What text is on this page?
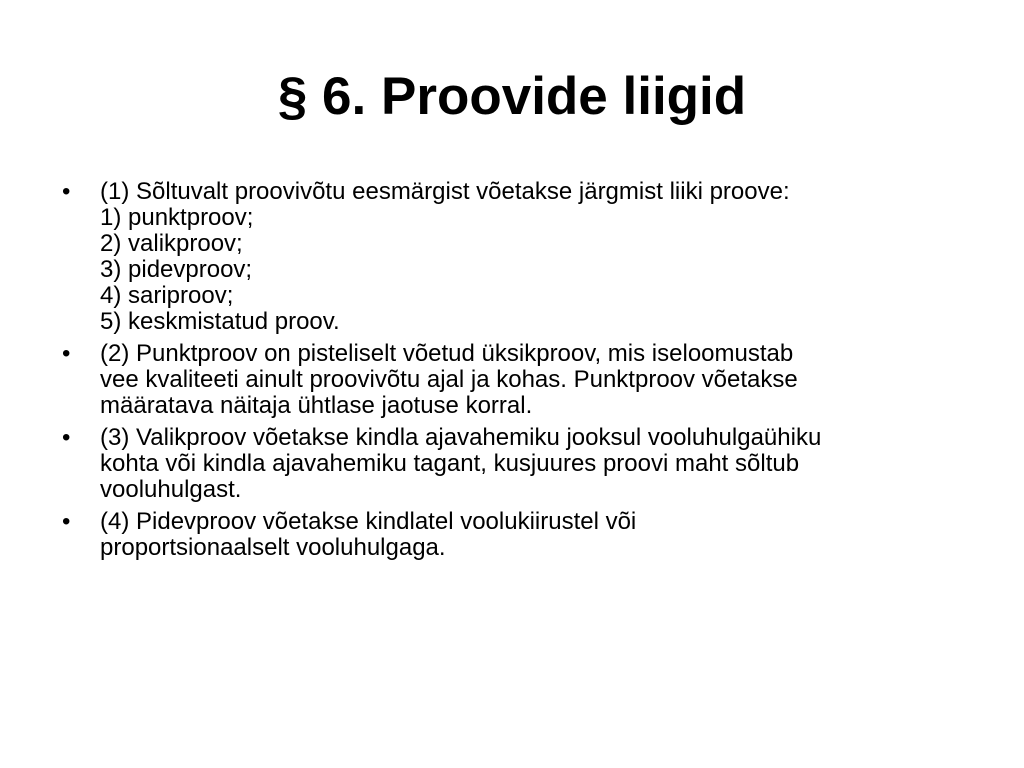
§ 6. Proovide liigid
•	(1) Sõltuvalt proovivõtu eesmärgist võetakse järgmist liiki proove:
1) punktproov;
2) valikproov;
3) pidevproov;
4) sariproov;
5) keskmistatud proov.
•	(2) Punktproov on pisteliselt võetud üksikproov, mis iseloomustab
vee kvaliteeti ainult proovivõtu ajal ja kohas. Punktproov võetakse
määratava näitaja ühtlase jaotuse korral.
•	(3) Valikproov võetakse kindla ajavahemiku jooksul vooluhulgaühiku
kohta või kindla ajavahemiku tagant, kusjuures proovi maht sõltub
vooluhulgast.
•	(4) Pidevproov võetakse kindlatel voolukiirustel või
proportsionaalselt vooluhulgaga.
